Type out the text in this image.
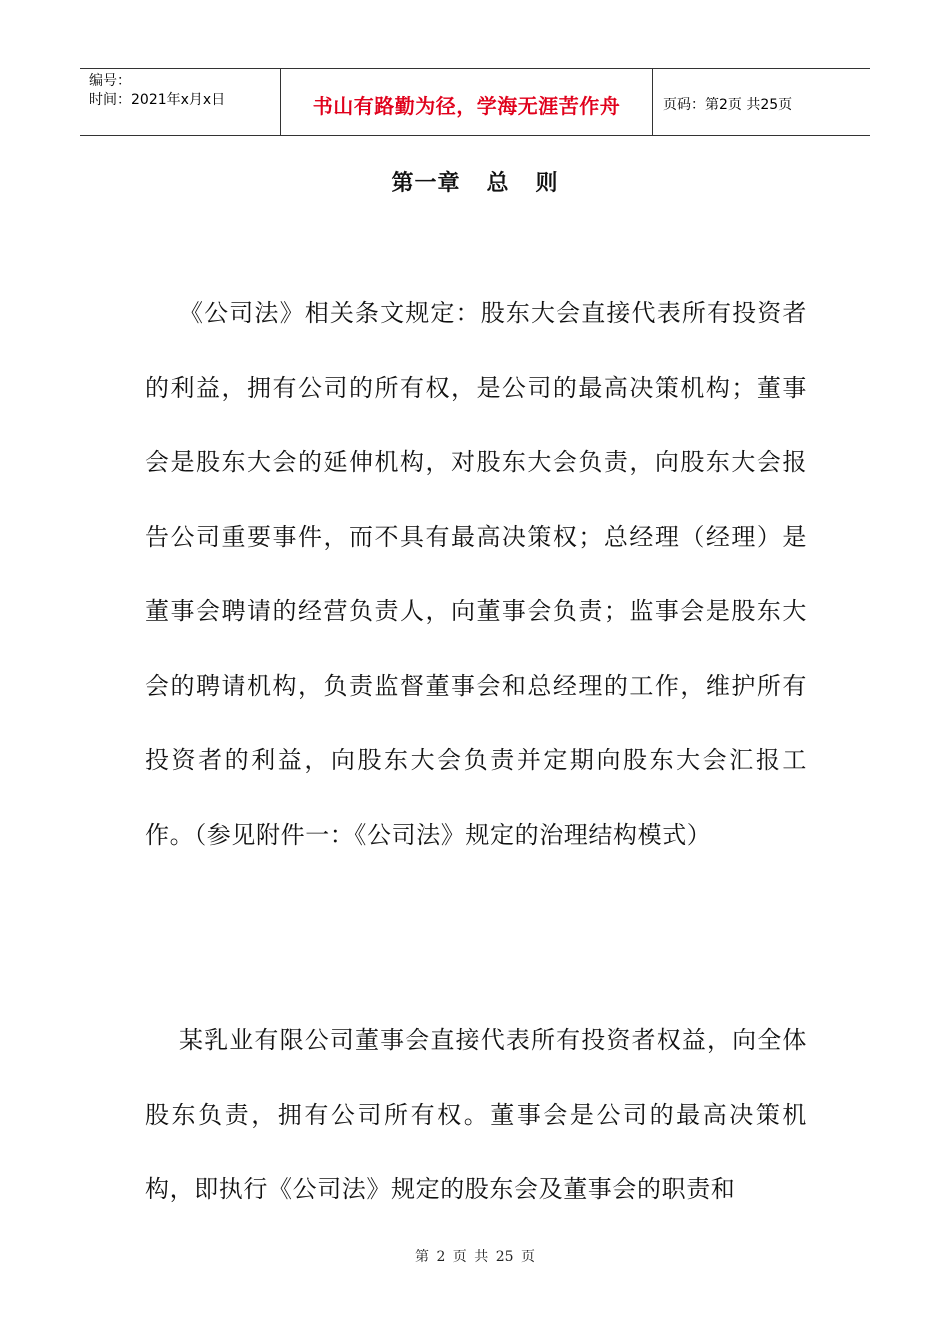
编号：
时间：2021年x月x日	书山有路勤为径，学海无涯苦作舟	页码：第2页 共25页
第一章   总   则

《公司法》相关条文规定：股东大会直接代表所有投资者的利益，拥有公司的所有权，是公司的最高决策机构；董事会是股东大会的延伸机构，对股东大会负责，向股东大会报告公司重要事件，而不具有最高决策权；总经理（经理）是董事会聘请的经营负责人，向董事会负责；监事会是股东大会的聘请机构，负责监督董事会和总经理的工作，维护所有投资者的利益，向股东大会负责并定期向股东大会汇报工作。（参见附件一：《公司法》规定的治理结构模式）

某乳业有限公司董事会直接代表所有投资者权益，向全体股东负责，拥有公司所有权。董事会是公司的最高决策机构，即执行《公司法》规定的股东会及董事会的职责和

第 2 页 共 25 页
